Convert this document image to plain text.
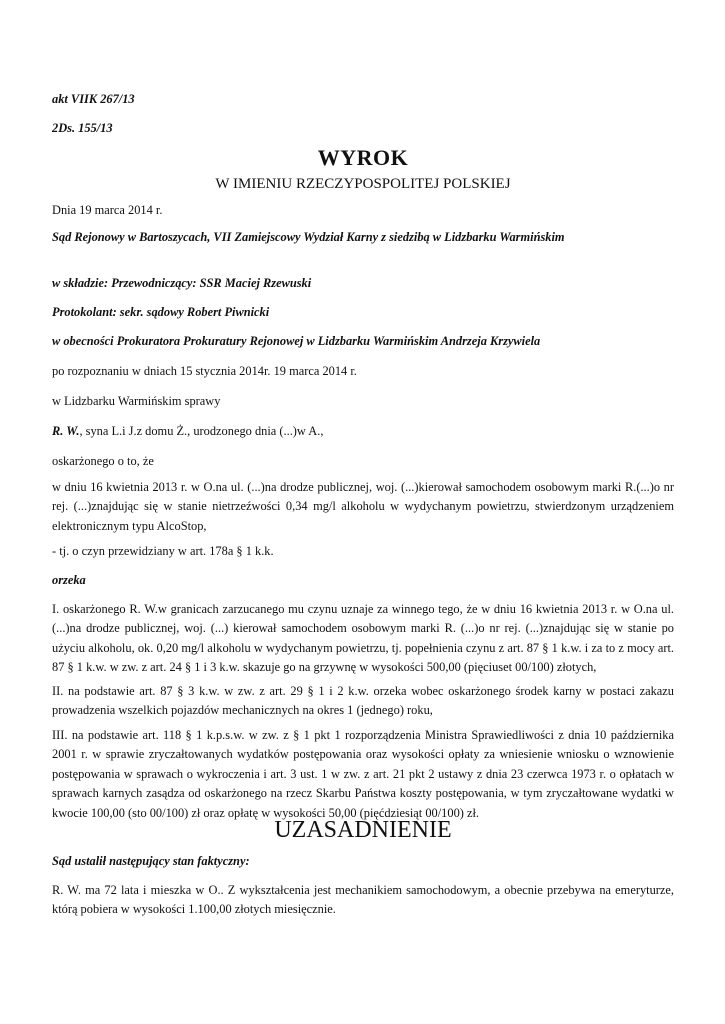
akt VIIK 267/13

2Ds. 155/13

WYROK
W IMIENIU RZECZYPOSPOLITEJ POLSKIEJ

Dnia 19 marca 2014 r.

Sąd Rejonowy w Bartoszycach, VII Zamiejscowy Wydział Karny z siedzibą w Lidzbarku Warmińskim

w składzie: Przewodniczący: SSR Maciej Rzewuski

Protokolant: sekr. sądowy Robert Piwnicki

w obecności Prokuratora Prokuratury Rejonowej w Lidzbarku Warmińskim Andrzeja Krzywiela

po rozpoznaniu w dniach 15 stycznia 2014r. 19 marca 2014 r.

w Lidzbarku Warmińskim sprawy

R. W., syna L.i J.z domu Ż., urodzonego dnia (...)w A.,

oskarżonego o to, że

w dniu 16 kwietnia 2013 r. w O.na ul. (...)na drodze publicznej, woj. (...)kierował samochodem osobowym marki R.(...)o nr rej. (...)znajdując się w stanie nietrzeźwości 0,34 mg/l alkoholu w wydychanym powietrzu, stwierdzonym urządzeniem elektronicznym typu AlcoStop,

- tj. o czyn przewidziany w art. 178a § 1 k.k.

orzeka

I. oskarżonego R. W.w granicach zarzucanego mu czynu uznaje za winnego tego, że w dniu 16 kwietnia 2013 r. w O.na ul. (...)na drodze publicznej, woj. (...) kierował samochodem osobowym marki R. (...)o nr rej. (...)znajdując się w stanie po użyciu alkoholu, ok. 0,20 mg/l alkoholu w wydychanym powietrzu, tj. popełnienia czynu z art. 87 § 1 k.w. i za to z mocy art. 87 § 1 k.w. w zw. z art. 24 § 1 i 3 k.w. skazuje go na grzywnę w wysokości 500,00 (pięciuset 00/100) złotych,

II. na podstawie art. 87 § 3 k.w. w zw. z art. 29 § 1 i 2 k.w. orzeka wobec oskarżonego środek karny w postaci zakazu prowadzenia wszelkich pojazdów mechanicznych na okres 1 (jednego) roku,

III. na podstawie art. 118 § 1 k.p.s.w. w zw. z § 1 pkt 1 rozporządzenia Ministra Sprawiedliwości z dnia 10 października 2001 r. w sprawie zryczałtowanych wydatków postępowania oraz wysokości opłaty za wniesienie wniosku o wznowienie postępowania w sprawach o wykroczenia i art. 3 ust. 1 w zw. z art. 21 pkt 2 ustawy z dnia 23 czerwca 1973 r. o opłatach w sprawach karnych zasądza od oskarżonego na rzecz Skarbu Państwa koszty postępowania, w tym zryczałtowane wydatki w kwocie 100,00 (sto 00/100) zł oraz opłatę w wysokości 50,00 (pięćdziesiąt 00/100) zł.

UZASADNIENIE

Sąd ustalił następujący stan faktyczny:

R. W. ma 72 lata i mieszka w O.. Z wykształcenia jest mechanikiem samochodowym, a obecnie przebywa na emeryturze, którą pobiera w wysokości 1.100,00 złotych miesięcznie.
